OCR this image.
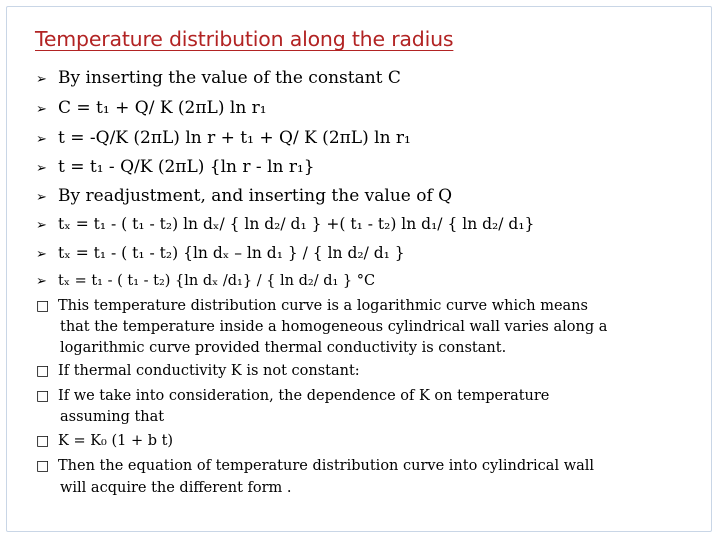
Temperature distribution along the radius
➢ By inserting the value of the constant C
➢ C = t₁ + Q/ K (2πL) ln r₁
➢ t = -Q/K (2πL) ln r + t₁ + Q/ K (2πL) ln r₁
➢ t = t₁ - Q/K (2πL) {ln r - ln r₁}
➢ By readjustment, and inserting the value of Q
➢ tₓ = t₁ - ( t₁ - t₂) ln dₓ/ { ln d₂/ d₁ } +( t₁ - t₂) ln d₁/ { ln d₂/ d₁}
➢ tₓ = t₁ - ( t₁ - t₂) {ln dₓ – ln d₁ } / { ln d₂/ d₁ }
➢ tₓ = t₁ - ( t₁ - t₂) {ln dₓ /d₁} / { ln d₂/ d₁ } °C
□ This temperature distribution curve is a logarithmic curve which means
that the temperature inside a homogeneous cylindrical wall varies along a
logarithmic curve provided thermal conductivity is constant.
□ If thermal conductivity K is not constant:
□ If we take into consideration, the dependence of K on temperature
assuming that
□ K = K₀ (1 + b t)
□ Then the equation of temperature distribution curve into cylindrical wall
will acquire the different form .
